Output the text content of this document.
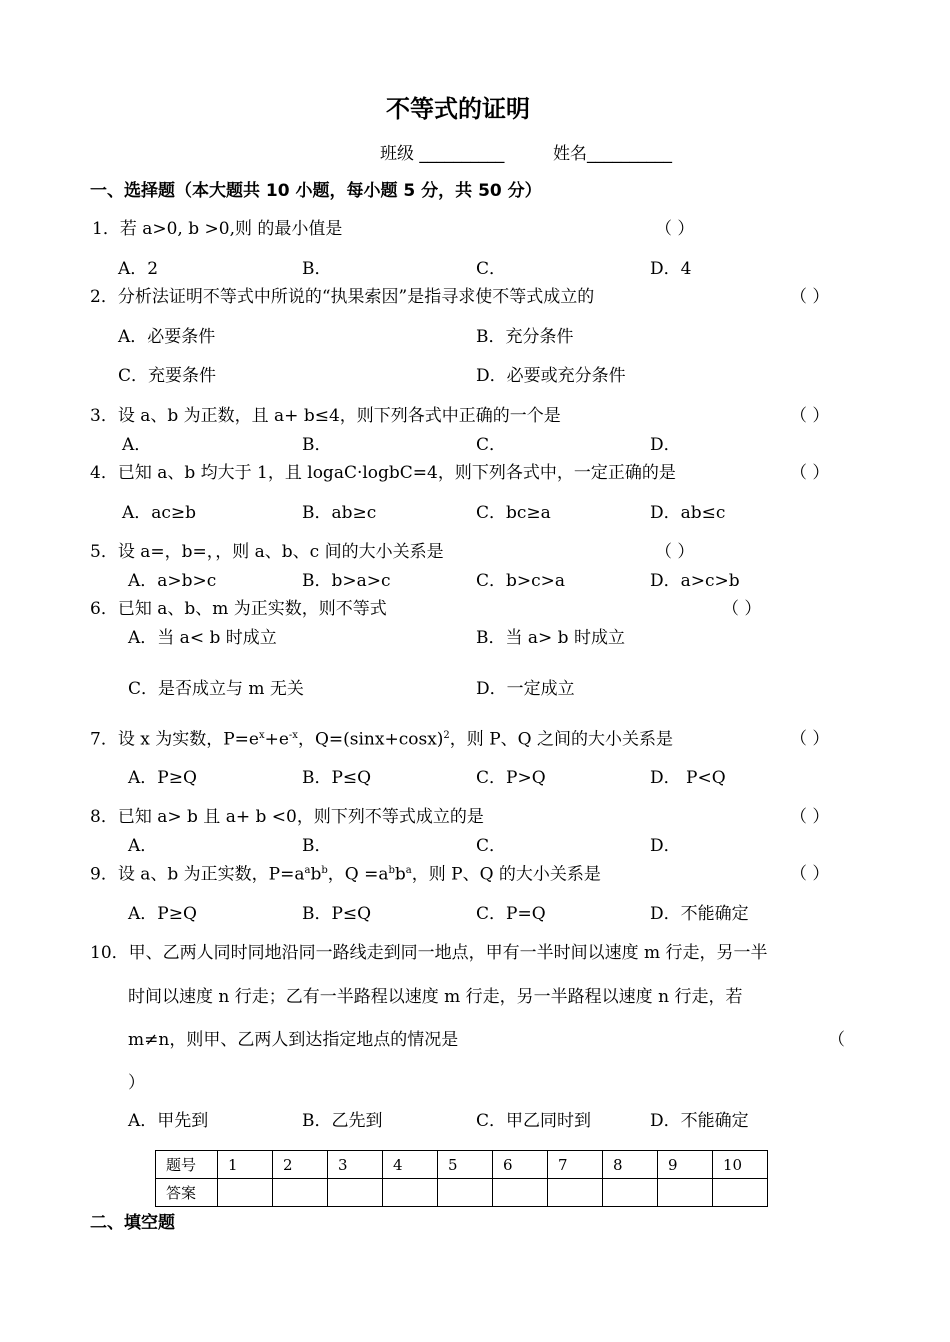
不等式的证明
班级 __________	姓名__________
一、选择题（本大题共 10 小题，每小题 5 分，共 50 分）
1．若 a>0, b >0,则 的最小值是	（ ）
A．2	B．	C．	D．4
2．分析法证明不等式中所说的“执果索因”是指寻求使不等式成立的	（ ）
A．必要条件	B．充分条件
C．充要条件	D．必要或充分条件
3．设 a、b 为正数，且 a+ b≤4，则下列各式中正确的一个是	（ ）
A．	B．	C．	D．
4．已知 a、b 均大于 1，且 logaC·logbC=4，则下列各式中，一定正确的是	（ ）
A．ac≥b	B．ab≥c	C．bc≥a	D．ab≤c
5．设 a=，b=，，则 a、b、c 间的大小关系是	（ ）
A．a>b>c	B．b>a>c	C．b>c>a	D．a>c>b
6．已知 a、b、m 为正实数，则不等式	（ ）
A．当 a< b 时成立	B．当 a> b 时成立
C．是否成立与 m 无关	D．一定成立
7．设 x 为实数，$P=e^x+e^{-x}$，$Q=(\sin x+\cos x)^2$，则 P、Q 之间的大小关系是	（ ）
A．P≥Q	B．P≤Q	C．P>Q	D． P<Q
8．已知 a> b 且 a+ b <0，则下列不等式成立的是	（ ）
A．	B．	C．	D．
9．设 a、b 为正实数，$P=a^ab^b$，$Q =a^bb^a$，则 P、Q 的大小关系是	（ ）
A．P≥Q	B．P≤Q	C．P=Q	D．不能确定
10．甲、乙两人同时同地沿同一路线走到同一地点，甲有一半时间以速度 m 行走，另一半
时间以速度 n 行走；乙有一半路程以速度 m 行走，另一半路程以速度 n 行走，若
m≠n，则甲、乙两人到达指定地点的情况是	（
）
A．甲先到	B．乙先到	C．甲乙同时到	D．不能确定
题号	1	2	3	4	5	6	7	8	9	10
答案										
二、填空题
